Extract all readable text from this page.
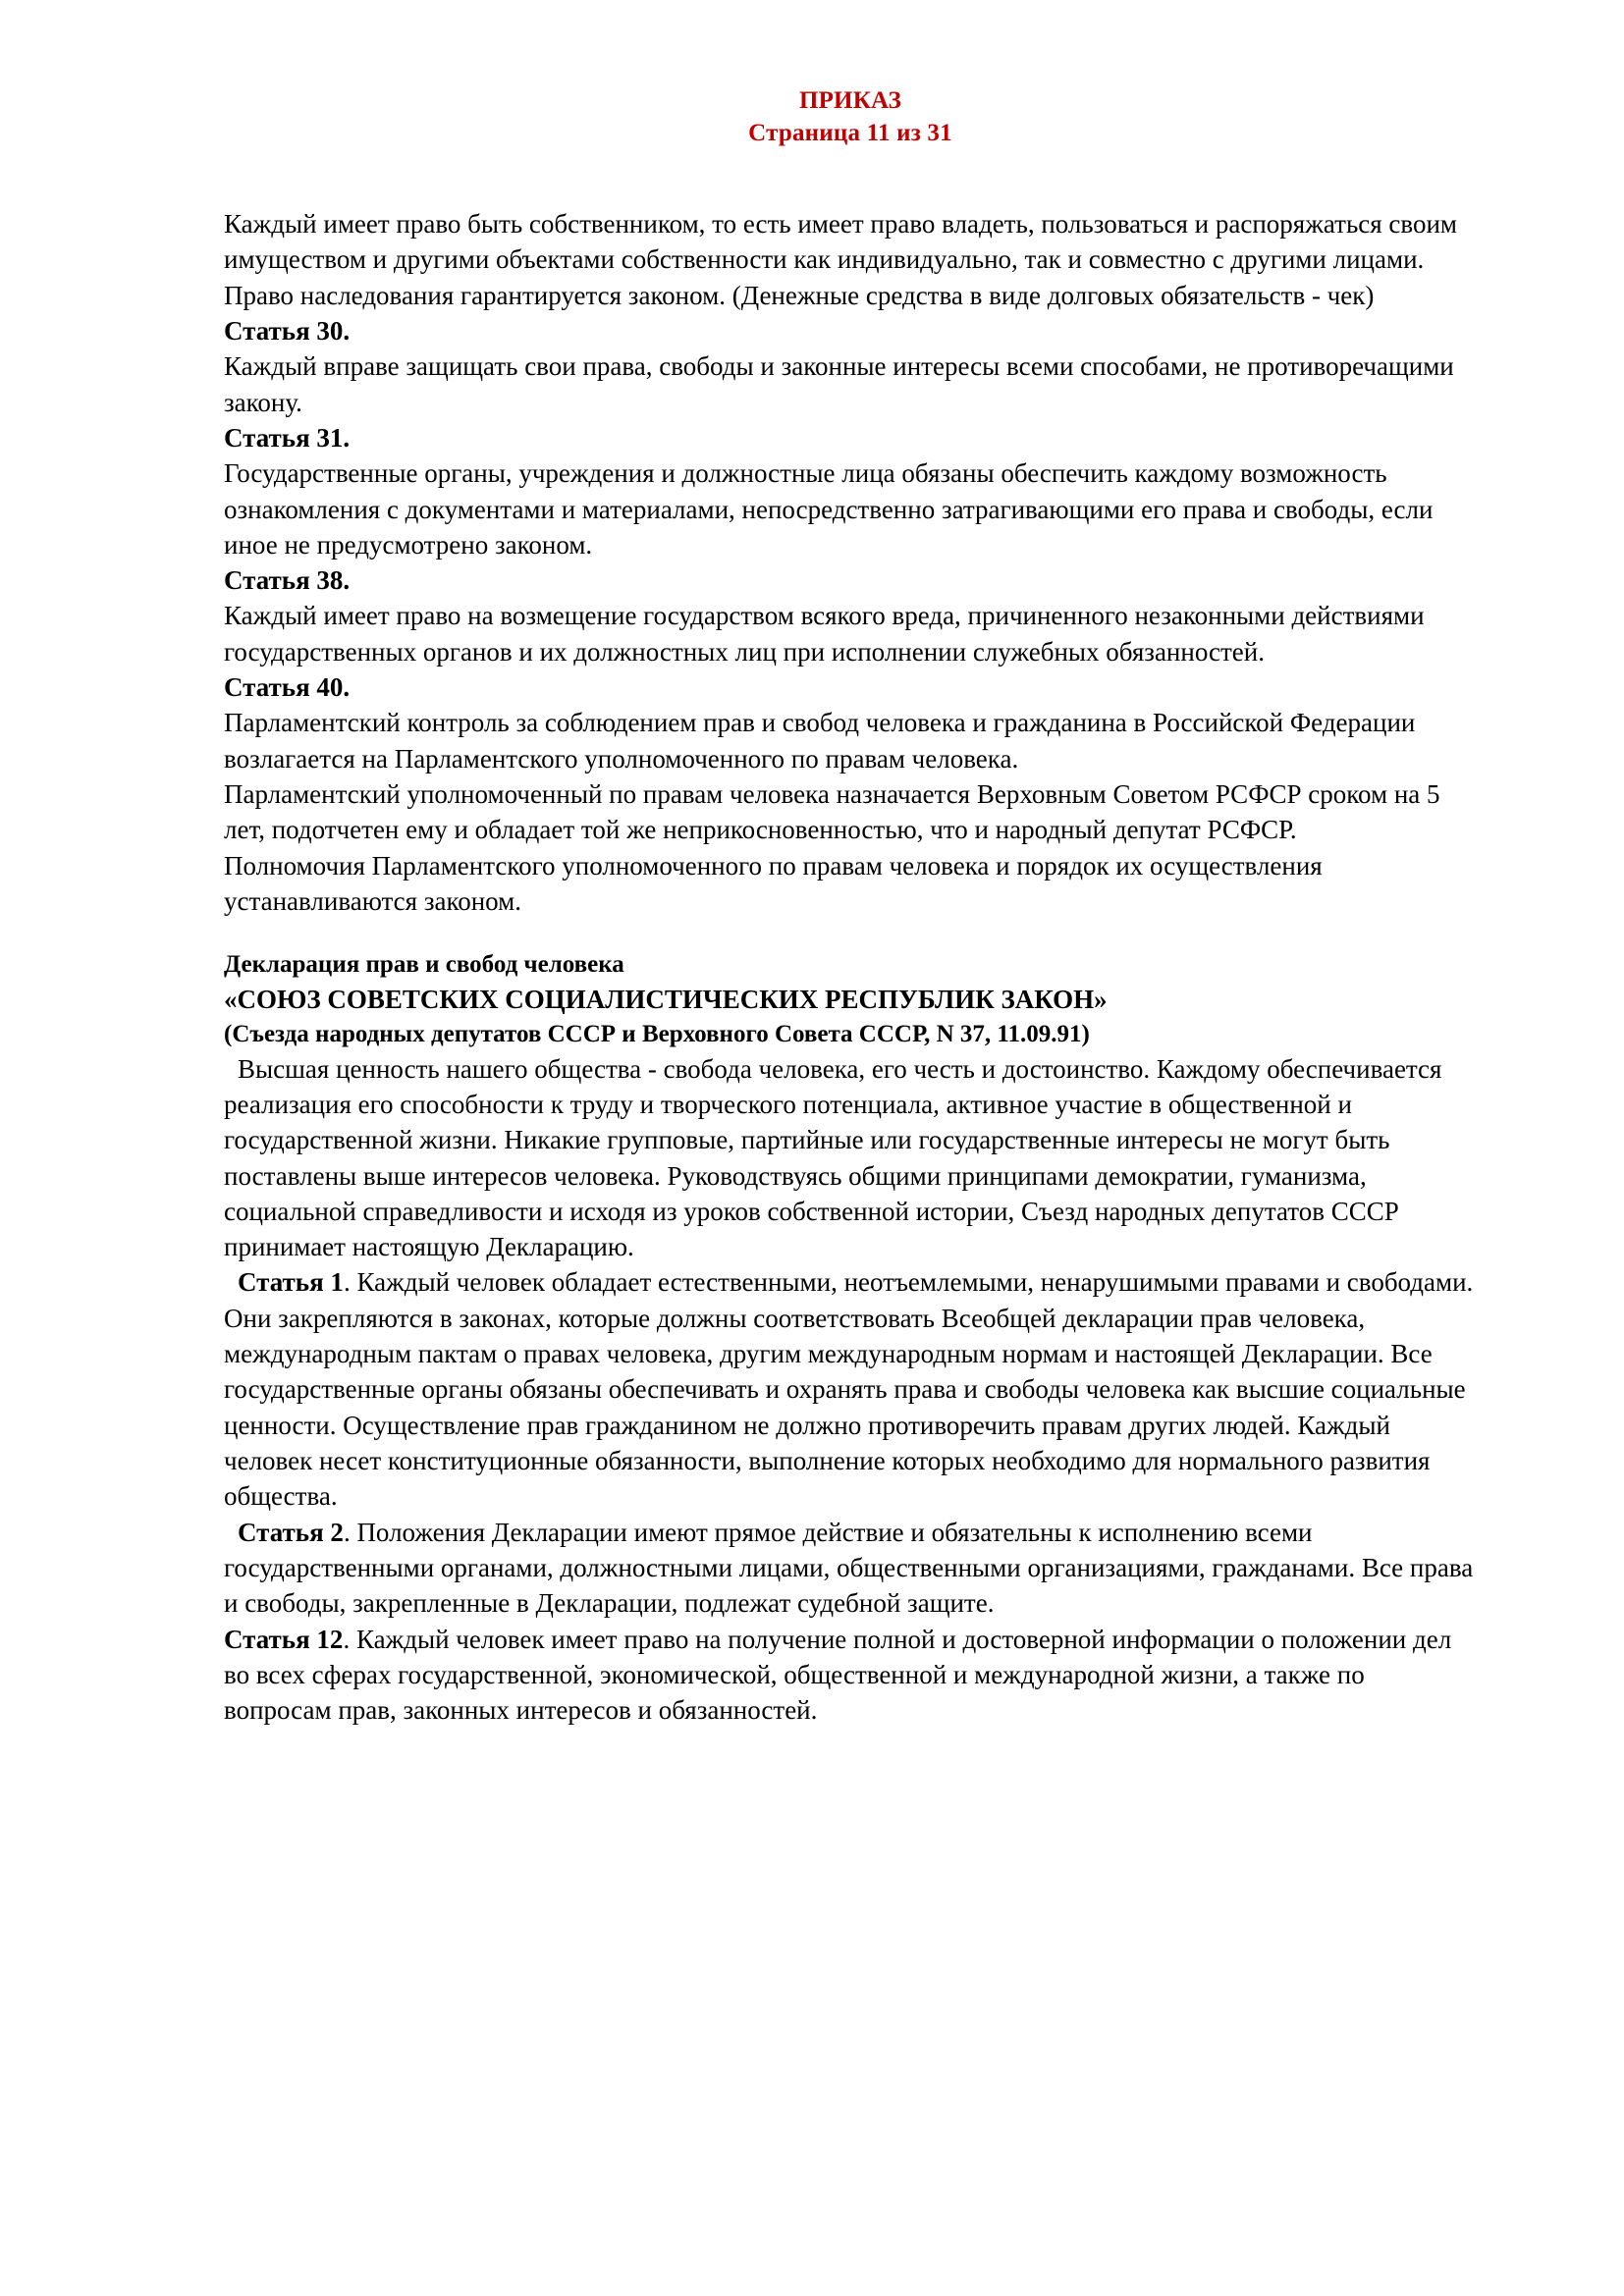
ПРИКАЗ
Страница 11 из 31

Каждый имеет право быть собственником, то есть имеет право владеть, пользоваться и распоряжаться своим имуществом и другими объектами собственности как индивидуально, так и совместно с другими лицами. Право наследования гарантируется законом. (Денежные средства в виде долговых обязательств - чек)

Статья 30.

Каждый вправе защищать свои права, свободы и законные интересы всеми способами, не противоречащими закону.

Статья 31.

Государственные органы, учреждения и должностные лица обязаны обеспечить каждому возможность ознакомления с документами и материалами, непосредственно затрагивающими его права и свободы, если иное не предусмотрено законом.

Статья 38.

Каждый имеет право на возмещение государством всякого вреда, причиненного незаконными действиями государственных органов и их должностных лиц при исполнении служебных обязанностей.

Статья 40.

Парламентский контроль за соблюдением прав и свобод человека и гражданина в Российской Федерации возлагается на Парламентского уполномоченного по правам человека.

Парламентский уполномоченный по правам человека назначается Верховным Советом РСФСР сроком на 5 лет, подотчетен ему и обладает той же неприкосновенностью, что и народный депутат РСФСР.

Полномочия Парламентского уполномоченного по правам человека и порядок их осуществления устанавливаются законом.

Декларация прав и свобод человека

«СОЮЗ СОВЕТСКИХ СОЦИАЛИСТИЧЕСКИХ РЕСПУБЛИК ЗАКОН»

(Съезда народных депутатов СССР и Верховного Совета СССР, N 37, 11.09.91)

Высшая ценность нашего общества - свобода человека, его честь и достоинство. Каждому обеспечивается реализация его способности к труду и творческого потенциала, активное участие в общественной и государственной жизни. Никакие групповые, партийные или государственные интересы не могут быть поставлены выше интересов человека. Руководствуясь общими принципами демократии, гуманизма, социальной справедливости и исходя из уроков собственной истории, Съезд народных депутатов СССР принимает настоящую Декларацию.

Статья 1. Каждый человек обладает естественными, неотъемлемыми, ненарушимыми правами и свободами. Они закрепляются в законах, которые должны соответствовать Всеобщей декларации прав человека, международным пактам о правах человека, другим международным нормам и настоящей Декларации. Все государственные органы обязаны обеспечивать и охранять права и свободы человека как высшие социальные ценности. Осуществление прав гражданином не должно противоречить правам других людей. Каждый человек несет конституционные обязанности, выполнение которых необходимо для нормального развития общества.

Статья 2. Положения Декларации имеют прямое действие и обязательны к исполнению всеми государственными органами, должностными лицами, общественными организациями, гражданами. Все права и свободы, закрепленные в Декларации, подлежат судебной защите.

Статья 12. Каждый человек имеет право на получение полной и достоверной информации о положении дел во всех сферах государственной, экономической, общественной и международной жизни, а также по вопросам прав, законных интересов и обязанностей.
